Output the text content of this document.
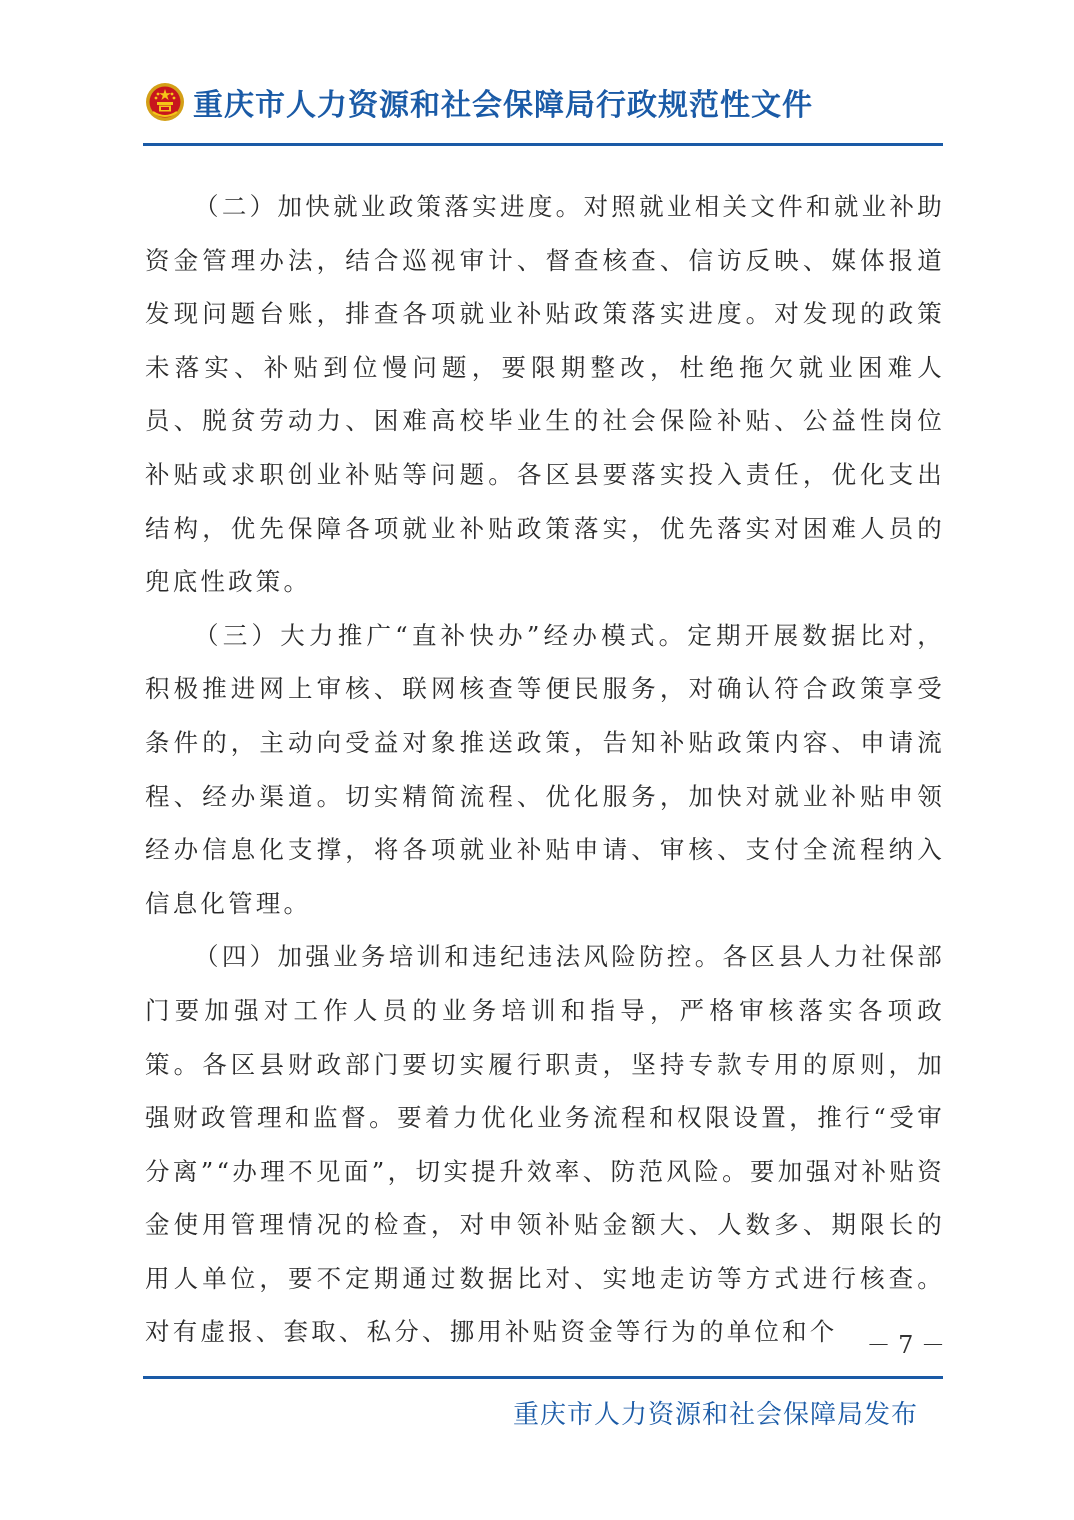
重庆市人力资源和社会保障局行政规范性文件

（二）加快就业政策落实进度。对照就业相关文件和就业补助资金管理办法，结合巡视审计、督查核查、信访反映、媒体报道发现问题台账，排查各项就业补贴政策落实进度。对发现的政策未落实、补贴到位慢问题，要限期整改，杜绝拖欠就业困难人员、脱贫劳动力、困难高校毕业生的社会保险补贴、公益性岗位补贴或求职创业补贴等问题。各区县要落实投入责任，优化支出结构，优先保障各项就业补贴政策落实，优先落实对困难人员的兜底性政策。

（三）大力推广“直补快办”经办模式。定期开展数据比对，积极推进网上审核、联网核查等便民服务，对确认符合政策享受条件的，主动向受益对象推送政策，告知补贴政策内容、申请流程、经办渠道。切实精简流程、优化服务，加快对就业补贴申领经办信息化支撑，将各项就业补贴申请、审核、支付全流程纳入信息化管理。

（四）加强业务培训和违纪违法风险防控。各区县人力社保部门要加强对工作人员的业务培训和指导，严格审核落实各项政策。各区县财政部门要切实履行职责，坚持专款专用的原则，加强财政管理和监督。要着力优化业务流程和权限设置，推行“受审分离”“办理不见面”，切实提升效率、防范风险。要加强对补贴资金使用管理情况的检查，对申领补贴金额大、人数多、期限长的用人单位，要不定期通过数据比对、实地走访等方式进行核查。对有虚报、套取、私分、挪用补贴资金等行为的单位和个	－ 7 －
重庆市人力资源和社会保障局发布
